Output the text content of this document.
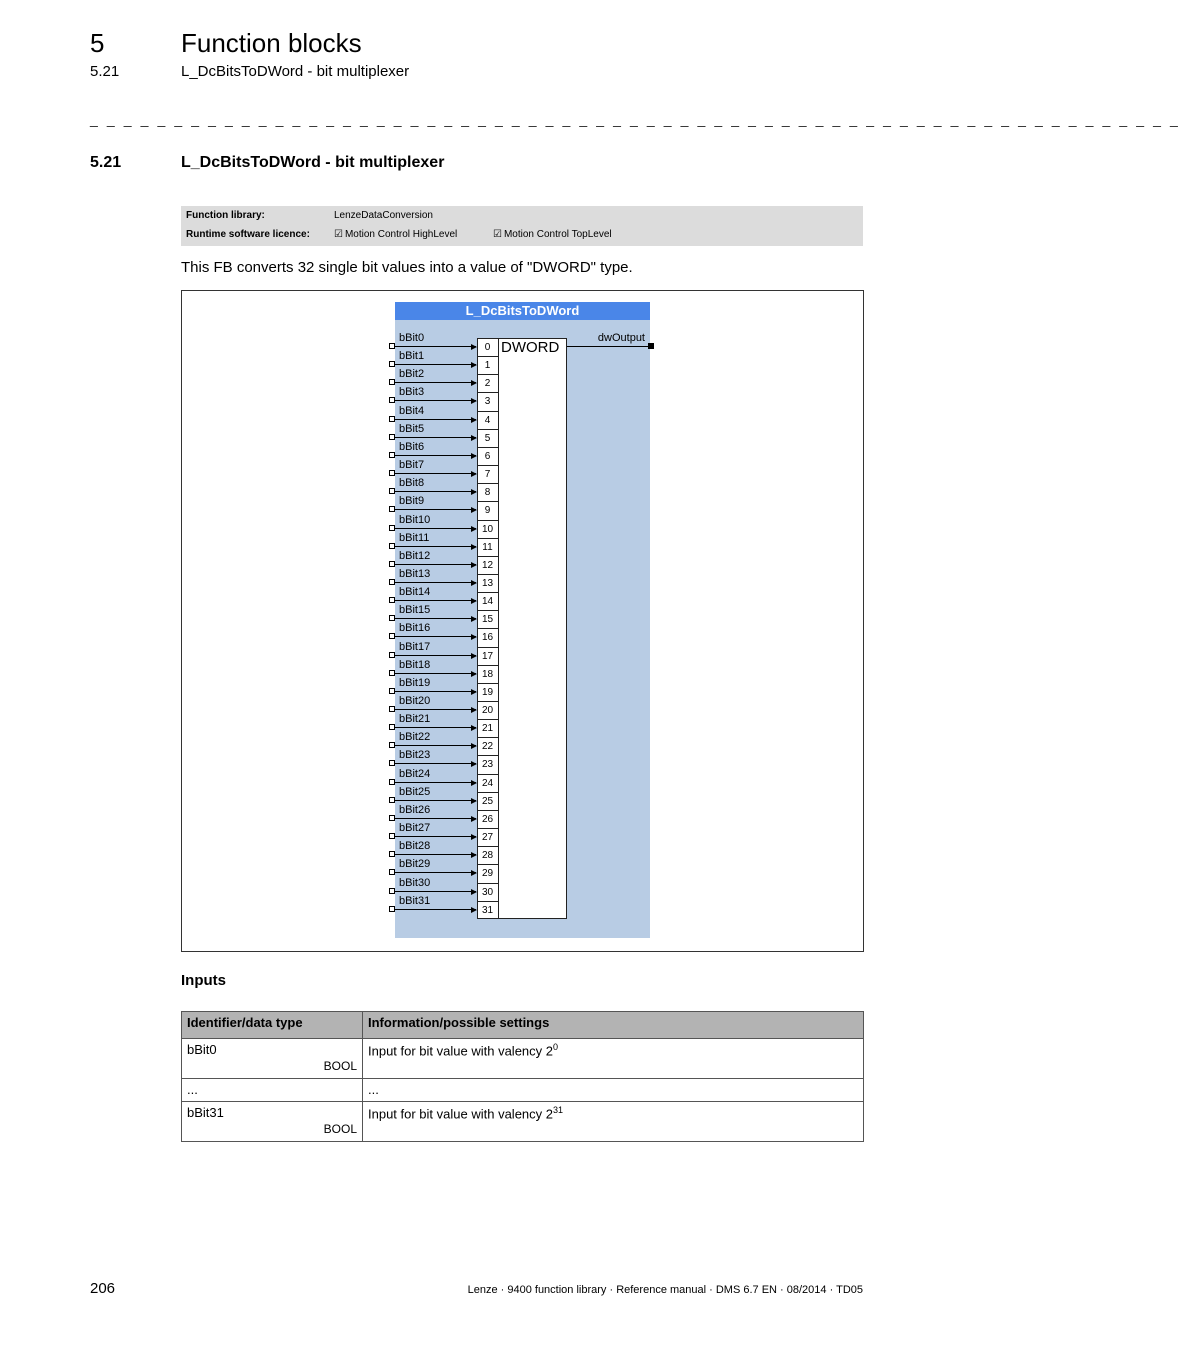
5	Function blocks
5.21	L_DcBitsToDWord - bit multiplexer
_ _ _ _ _ _ _ _ _ _ _ _ _ _ _ _ _ _ _ _ _ _ _ _ _ _ _ _ _ _ _ _ _ _ _ _ _ _ _ _ _ _ _ _ _ _ _ _ _ _ _ _ _ _ _ _ _ _ _ _ _ _ _ _ _
5.21	L_DcBitsToDWord - bit multiplexer
Function library:	LenzeDataConversion
Runtime software licence: ☑ Motion Control HighLevel	☑ Motion Control TopLevel
This FB converts 32 single bit values into a value of "DWORD" type.
L_DcBitsToDWord
DWORD
dwOutput
bBit0
0
bBit1
1
bBit2
2
bBit3
3
bBit4
4
bBit5
5
bBit6
6
bBit7
7
bBit8
8
bBit9
9
bBit10
10
bBit11
11
bBit12
12
bBit13
13
bBit14
14
bBit15
15
bBit16
16
bBit17
17
bBit18
18
bBit19
19
bBit20
20
bBit21
21
bBit22
22
bBit23
23
bBit24
24
bBit25
25
bBit26
26
bBit27
27
bBit28
28
bBit29
29
bBit30
30
bBit31
31
Inputs
Identifier/data type	Information/possible settings
bBit0
BOOL	Input for bit value with valency $2^0$
...	...
bBit31
BOOL	Input for bit value with valency $2^{31}$
206	Lenze · 9400 function library · Reference manual · DMS 6.7 EN · 08/2014 · TD05
